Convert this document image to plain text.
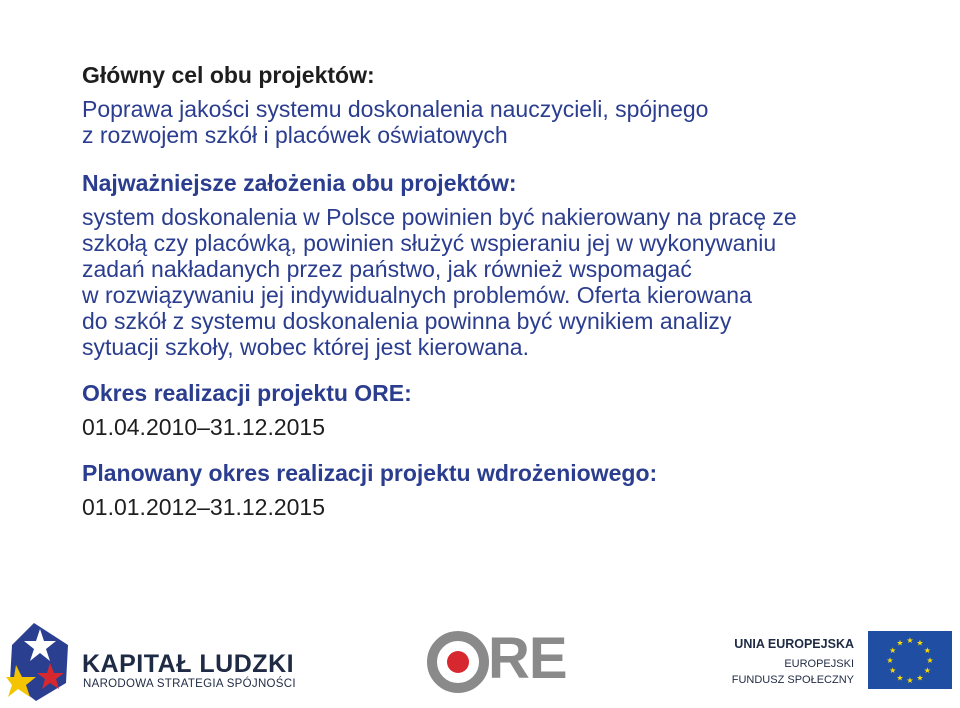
Główny cel obu projektów:
Poprawa jakości systemu doskonalenia nauczycieli, spójnego
z rozwojem szkół i placówek oświatowych
Najważniejsze założenia obu projektów:
system doskonalenia w Polsce powinien być nakierowany na pracę ze
szkołą czy placówką, powinien służyć wspieraniu jej w wykonywaniu
zadań nakładanych przez państwo, jak również wspomagać
w rozwiązywaniu jej indywidualnych problemów. Oferta kierowana
do szkół z systemu doskonalenia powinna być wynikiem analizy
sytuacji szkoły, wobec której jest kierowana.
Okres realizacji projektu ORE:
01.04.2010–31.12.2015
Planowany okres realizacji projektu wdrożeniowego:
01.01.2012–31.12.2015
KAPITAŁ LUDZKI
NARODOWA STRATEGIA SPÓJNOŚCI	RE	UNIA EUROPEJSKA
EUROPEJSKI
FUNDUSZ SPOŁECZNY
★ ★
★
★
★
★
★
★
★
★
★
★
